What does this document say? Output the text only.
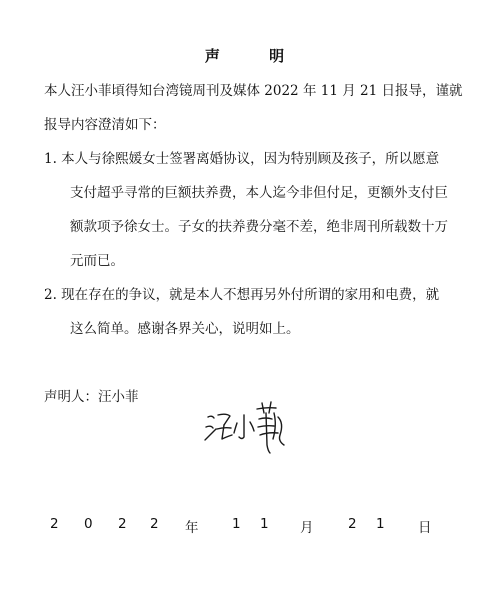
声 明
本人汪小菲頃得知台湾镜周刊及媒体 2022 年 11 月 21 日报导，谨就
报导内容澄清如下：
1. 本人与徐熙媛女士签署离婚协议，因为特别顾及孩子，所以愿意
支付超乎寻常的巨额扶养费，本人迄今非但付足，更额外支付巨
额款项予徐女士。子女的扶养费分毫不差，绝非周刊所载数十万
元而已。
2. 现在存在的争议，就是本人不想再另外付所谓的家用和电费，就
这么简单。感谢各界关心，说明如上。
声明人：汪小菲
2 0 2 2 年 1 1 月	2 1 日
